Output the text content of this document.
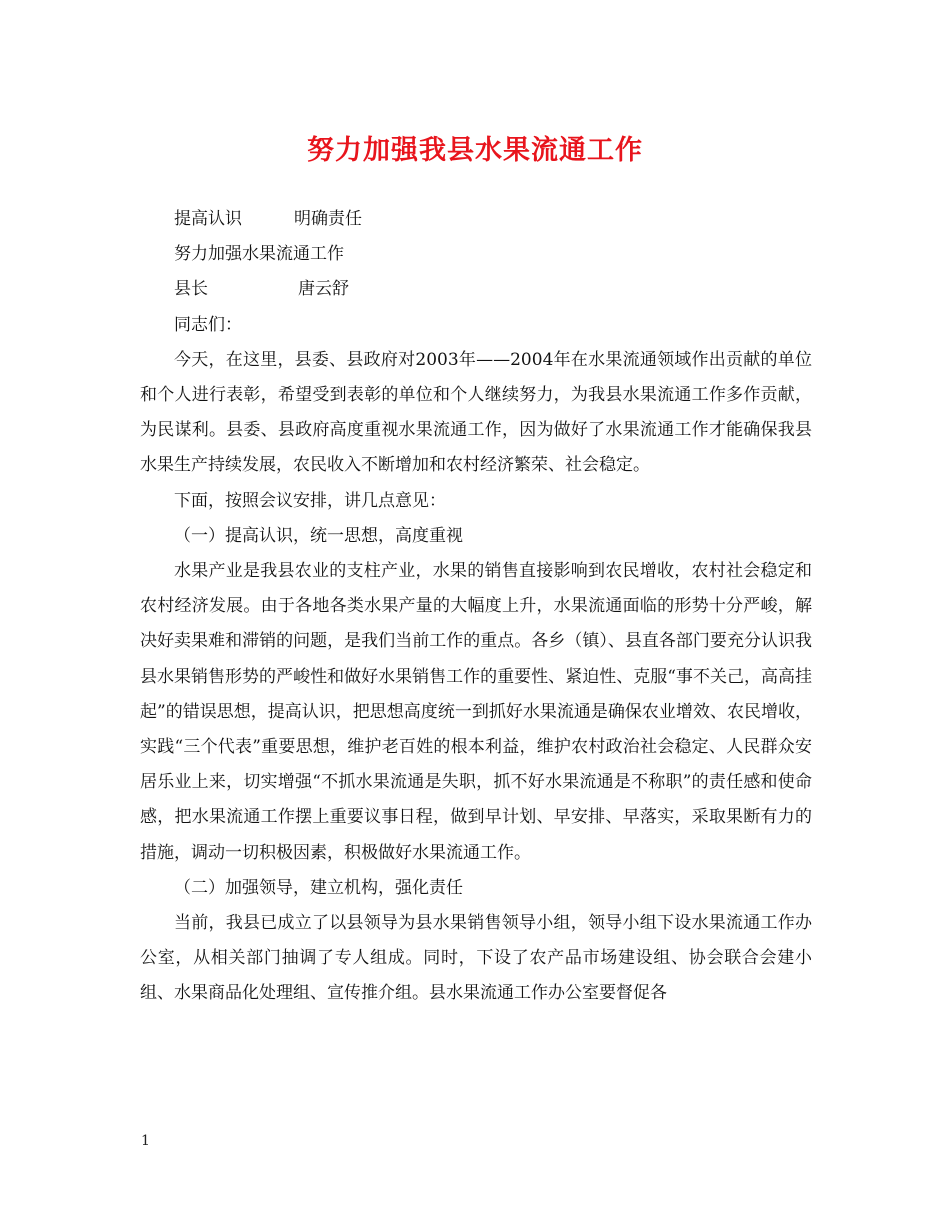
努力加强我县水果流通工作

提高认识	明确责任

努力加强水果流通工作

县长	唐云舒

同志们：

今天，在这里，县委、县政府对2003年——2004年在水果流通领域作出贡献的单位和个人进行表彰，希望受到表彰的单位和个人继续努力，为我县水果流通工作多作贡献，为民谋利。县委、县政府高度重视水果流通工作，因为做好了水果流通工作才能确保我县水果生产持续发展，农民收入不断增加和农村经济繁荣、社会稳定。

下面，按照会议安排，讲几点意见：

（一）提高认识，统一思想，高度重视

水果产业是我县农业的支柱产业，水果的销售直接影响到农民增收，农村社会稳定和农村经济发展。由于各地各类水果产量的大幅度上升，水果流通面临的形势十分严峻，解决好卖果难和滞销的问题，是我们当前工作的重点。各乡（镇）、县直各部门要充分认识我县水果销售形势的严峻性和做好水果销售工作的重要性、紧迫性、克服“事不关己，高高挂起”的错误思想，提高认识，把思想高度统一到抓好水果流通是确保农业增效、农民增收，实践“三个代表”重要思想，维护老百姓的根本利益，维护农村政治社会稳定、人民群众安居乐业上来，切实增强“不抓水果流通是失职，抓不好水果流通是不称职”的责任感和使命感，把水果流通工作摆上重要议事日程，做到早计划、早安排、早落实，采取果断有力的措施，调动一切积极因素，积极做好水果流通工作。

（二）加强领导，建立机构，强化责任

当前，我县已成立了以县领导为县水果销售领导小组，领导小组下设水果流通工作办公室，从相关部门抽调了专人组成。同时，下设了农产品市场建设组、协会联合会建小组、水果商品化处理组、宣传推介组。县水果流通工作办公室要督促各

1
